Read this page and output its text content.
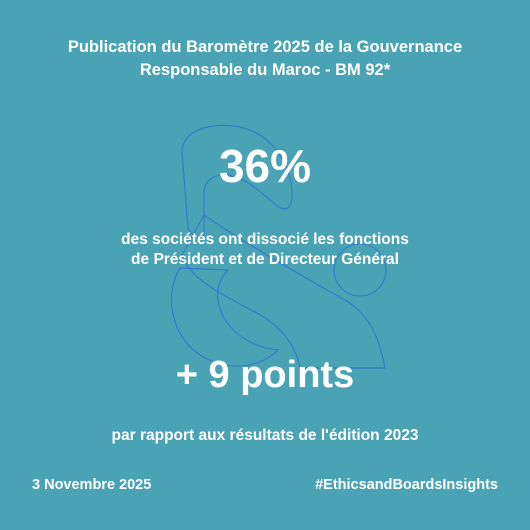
Publication du Baromètre 2025 de la Gouvernance
Responsable du Maroc - BM 92*
36%
des sociétés ont dissocié les fonctions
de Président et de Directeur Général
+ 9 points
par rapport aux résultats de l'édition 2023
3 Novembre 2025	#EthicsandBoardsInsights
